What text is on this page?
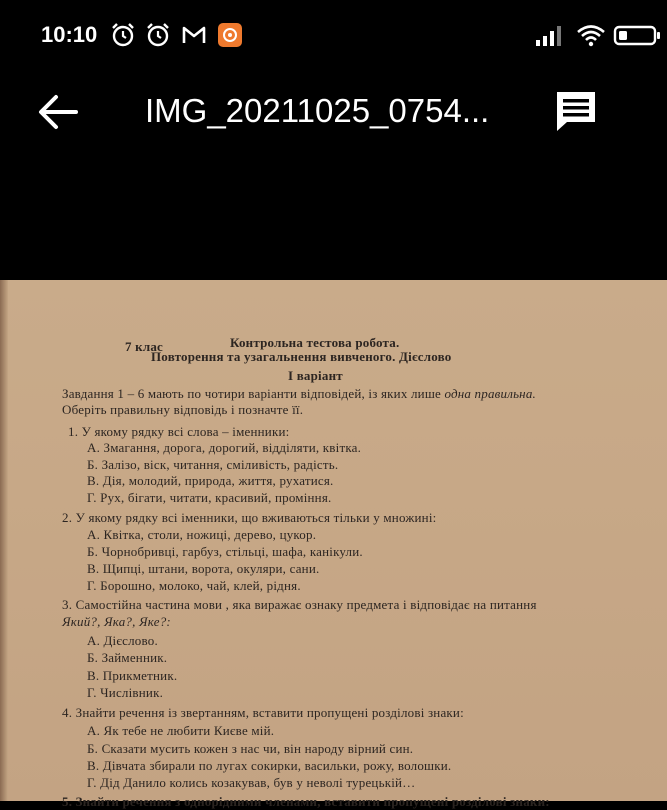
10:10
IMG_20211025_0754...
7 клас	Контрольна тестова робота.
Повторення та узагальнення вивченого. Дієслово
І варіант
Завдання 1 – 6 мають по чотири варіанти відповідей, із яких лише одна правильна.
Оберіть правильну відповідь і позначте її.
1. У якому рядку всі слова – іменники:
А. Змагання, дорога, дорогий, відділяти, квітка.
Б. Залізо, віск, читання, сміливість, радість.
В. Дія, молодий, природа, життя, рухатися.
Г. Рух, бігати, читати, красивий, проміння.
2. У якому рядку всі іменники, що вживаються тільки у множині:
А. Квітка, столи, ножиці, дерево, цукор.
Б. Чорнобривці, гарбуз, стільці, шафа, канікули.
В. Щипці, штани, ворота, окуляри, сани.
Г. Борошно, молоко, чай, клей, рідня.
3. Самостійна частина мови , яка виражає ознаку предмета і відповідає на питання
Який?, Яка?, Яке?:
А. Дієслово.
Б. Займенник.
В. Прикметник.
Г. Числівник.
4. Знайти речення із звертанням, вставити пропущені розділові знаки:
А. Як тебе не любити Києве мій.
Б. Сказати мусить кожен з нас чи, він народу вірний син.
В. Дівчата збирали по лугах сокирки, васильки, рожу, волошки.
Г. Дід Данило колись козакував, був у неволі турецькій…
5. Знайти речення з однорідними членами, вставити пропущені розділові знаки:
